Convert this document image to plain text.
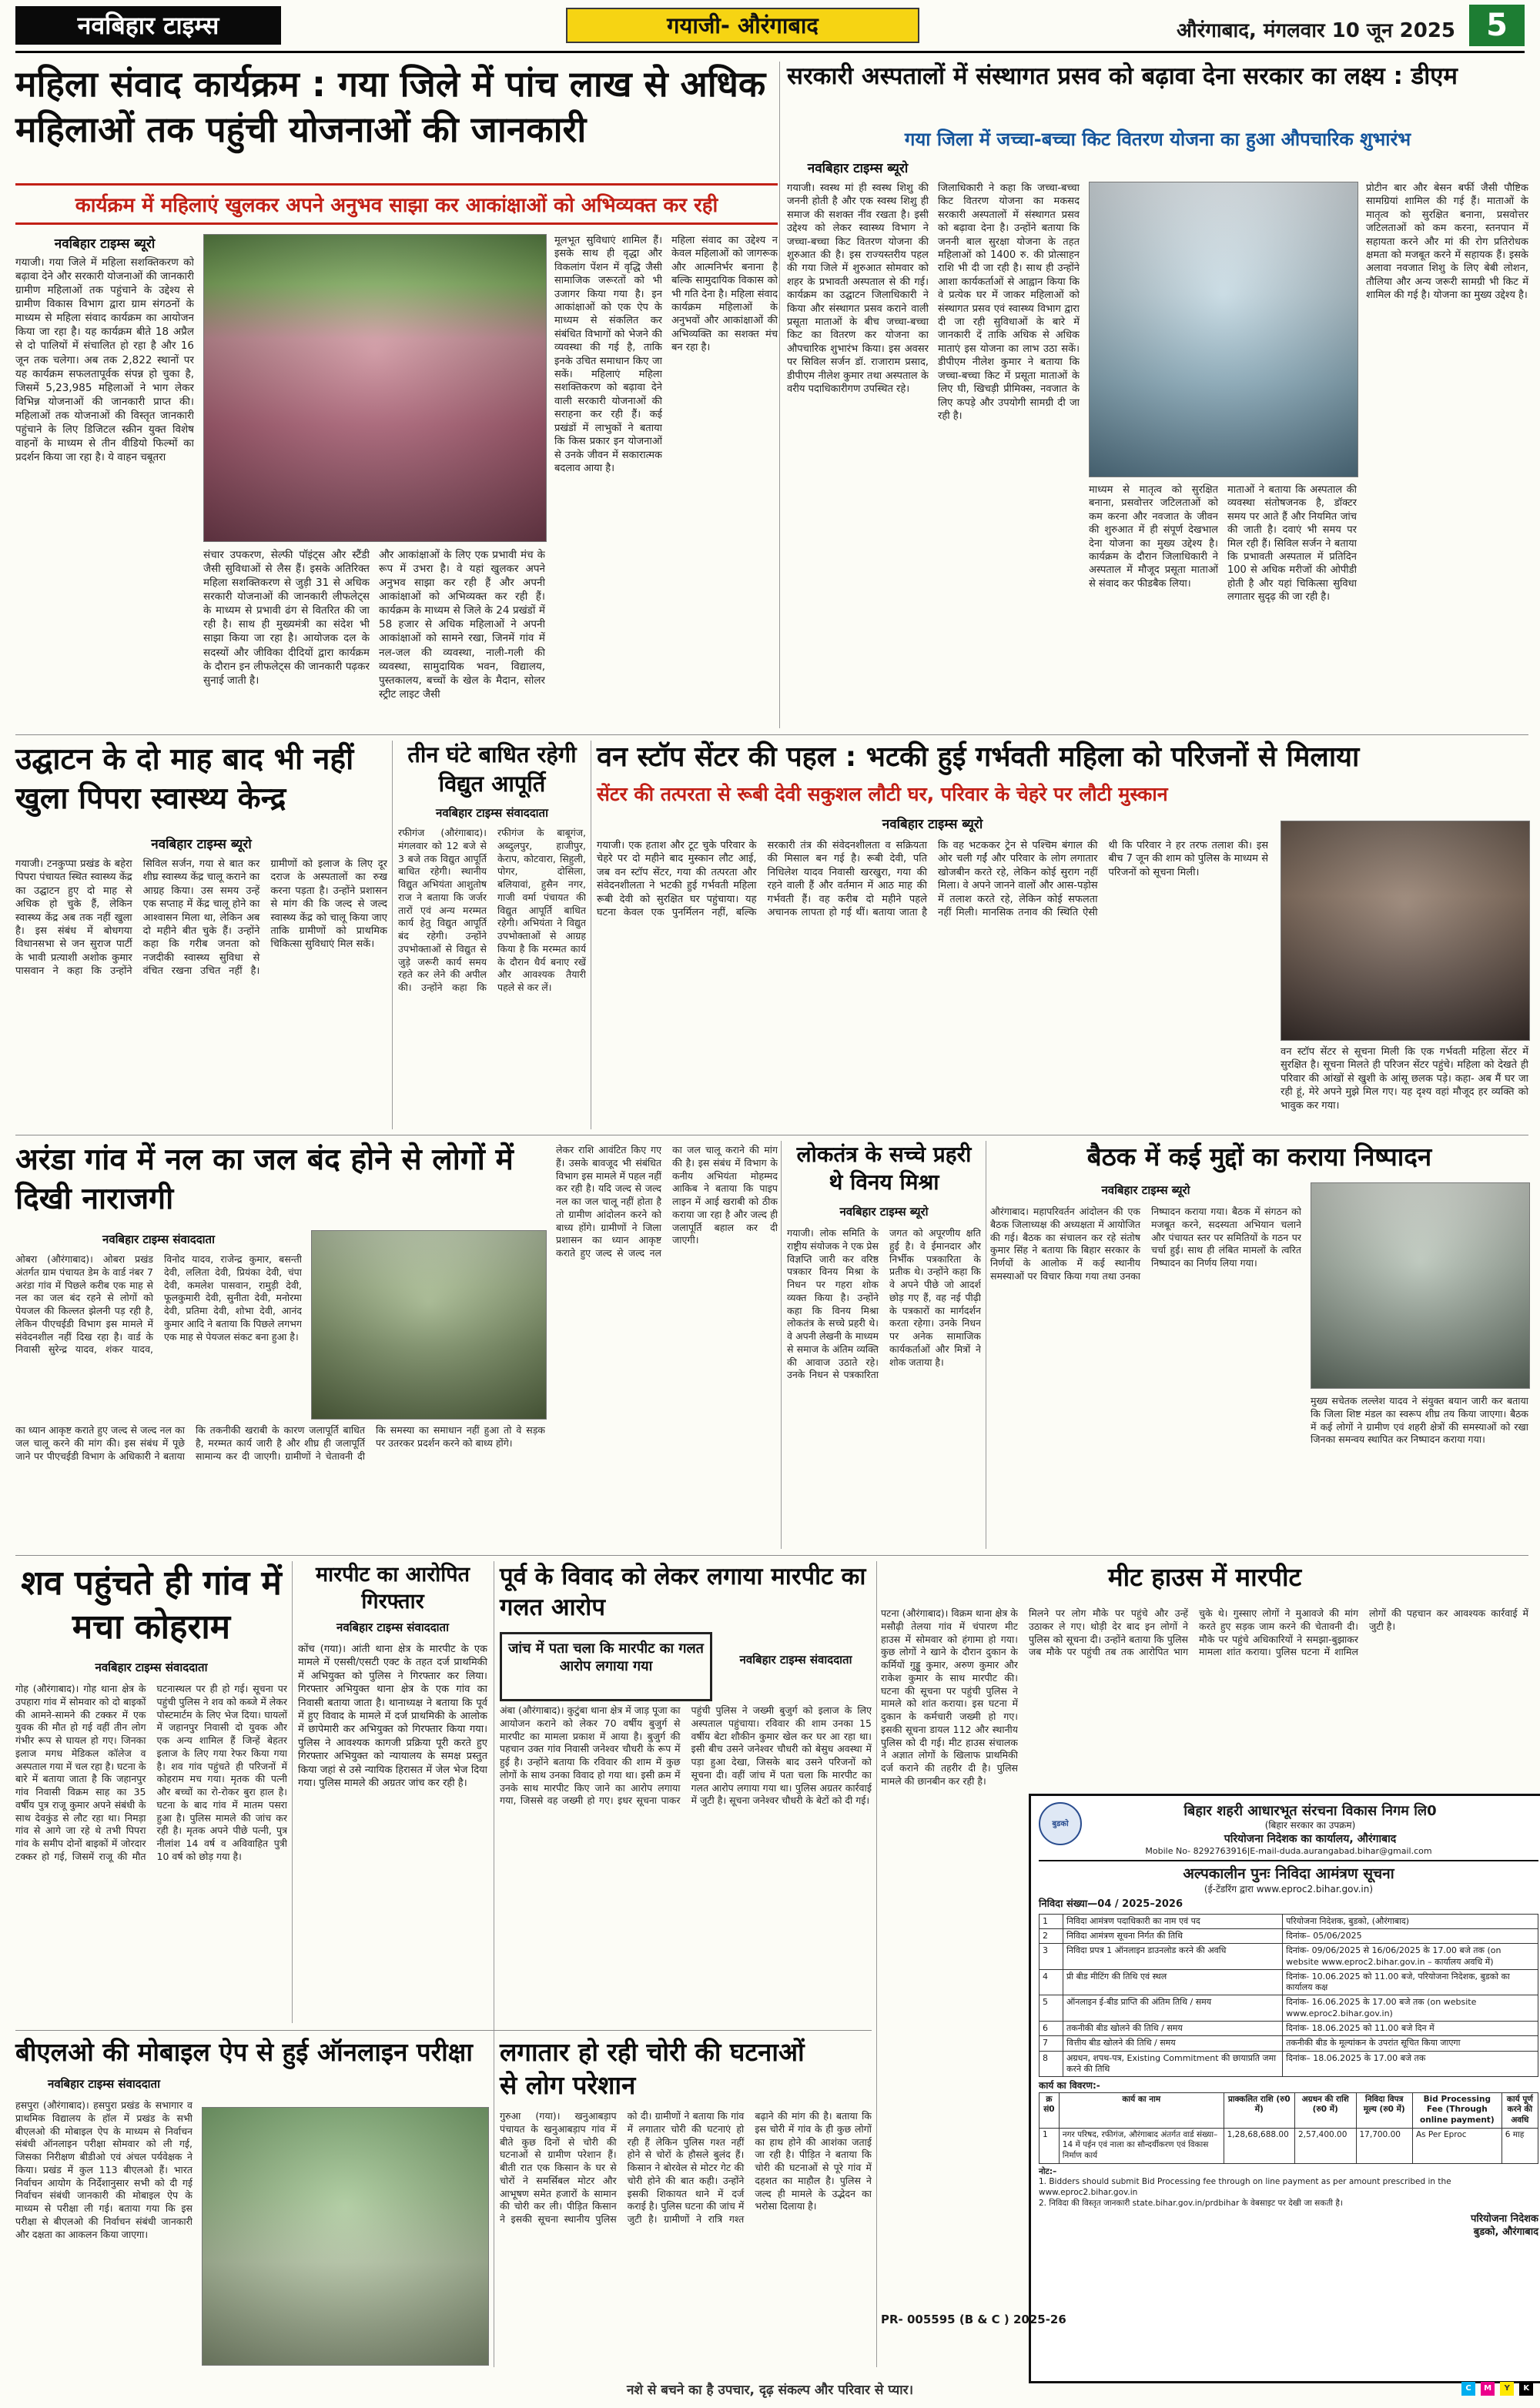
नवबिहार टाइम्स	गयाजी- औरंगाबाद	औरंगाबाद, मंगलवार 10 जून 2025	5
महिला संवाद कार्यक्रम : गया जिले में पांच लाख से अधिक महिलाओं तक पहुंची योजनाओं की जानकारी
कार्यक्रम में महिलाएं खुलकर अपने अनुभव साझा कर आकांक्षाओं को अभिव्यक्त कर रही
नवबिहार टाइम्स ब्यूरो
गयाजी। गया जिले में महिला सशक्तिकरण को बढ़ावा देने और सरकारी योजनाओं की जानकारी ग्रामीण महिलाओं तक पहुंचाने के उद्देश्य से ग्रामीण विकास विभाग द्वारा ग्राम संगठनों के माध्यम से महिला संवाद कार्यक्रम का आयोजन किया जा रहा है। यह कार्यक्रम बीते 18 अप्रैल से दो पालियों में संचालित हो रहा है और 16 जून तक चलेगा। अब तक 2,822 स्थानों पर यह कार्यक्रम सफलतापूर्वक संपन्न हो चुका है, जिसमें 5,23,985 महिलाओं ने भाग लेकर विभिन्न योजनाओं की जानकारी प्राप्त की। महिलाओं तक योजनाओं की विस्तृत जानकारी पहुंचाने के लिए डिजिटल स्क्रीन युक्त विशेष वाहनों के माध्यम से तीन वीडियो फिल्मों का प्रदर्शन किया जा रहा है। ये वाहन चबूतरा
संचार उपकरण, सेल्फी पॉइंट्स और स्टैंडी जैसी सुविधाओं से लैस हैं। इसके अतिरिक्त महिला सशक्तिकरण से जुड़ी 31 से अधिक सरकारी योजनाओं की जानकारी लीफलेट्स के माध्यम से प्रभावी ढंग से वितरित की जा रही है। साथ ही मुख्यमंत्री का संदेश भी साझा किया जा रहा है। आयोजक दल के सदस्यों और जीविका दीदियों द्वारा कार्यक्रम के दौरान इन लीफलेट्स की जानकारी पढ़कर सुनाई जाती है।
और आकांक्षाओं के लिए एक प्रभावी मंच के रूप में उभरा है। वे यहां खुलकर अपने अनुभव साझा कर रही हैं और अपनी आकांक्षाओं को अभिव्यक्त कर रही हैं। कार्यक्रम के माध्यम से जिले के 24 प्रखंडों में 58 हजार से अधिक महिलाओं ने अपनी आकांक्षाओं को सामने रखा, जिनमें गांव में नल-जल की व्यवस्था, नाली-गली की व्यवस्था, सामुदायिक भवन, विद्यालय, पुस्तकालय, बच्चों के खेल के मैदान, सोलर स्ट्रीट लाइट जैसी
मूलभूत सुविधाएं शामिल हैं। इसके साथ ही वृद्धा और विकलांग पेंशन में वृद्धि जैसी सामाजिक जरूरतों को भी उजागर किया गया है। इन आकांक्षाओं को एक ऐप के माध्यम से संकलित कर संबंधित विभागों को भेजने की व्यवस्था की गई है, ताकि इनके उचित समाधान किए जा सकें। महिलाएं महिला सशक्तिकरण को बढ़ावा देने वाली सरकारी योजनाओं की सराहना कर रही हैं। कई प्रखंडों में लाभुकों ने बताया कि किस प्रकार इन योजनाओं से उनके जीवन में सकारात्मक बदलाव आया है।
महिला संवाद का उद्देश्य न केवल महिलाओं को जागरूक और आत्मनिर्भर बनाना है बल्कि सामुदायिक विकास को भी गति देना है। महिला संवाद कार्यक्रम महिलाओं के अनुभवों और आकांक्षाओं की अभिव्यक्ति का सशक्त मंच बन रहा है।
सरकारी अस्पतालों में संस्थागत प्रसव को बढ़ावा देना सरकार का लक्ष्य : डीएम
गया जिला में जच्चा-बच्चा किट वितरण योजना का हुआ औपचारिक शुभारंभ
नवबिहार टाइम्स ब्यूरो
गयाजी। स्वस्थ मां ही स्वस्थ शिशु की जननी होती है और एक स्वस्थ शिशु ही समाज की सशक्त नींव रखता है। इसी उद्देश्य को लेकर स्वास्थ्य विभाग ने जच्चा-बच्चा किट वितरण योजना की शुरुआत की है। इस राज्यस्तरीय पहल की गया जिले में शुरुआत सोमवार को शहर के प्रभावती अस्पताल से की गई। कार्यक्रम का उद्घाटन जिलाधिकारी ने किया और संस्थागत प्रसव कराने वाली प्रसूता माताओं के बीच जच्चा-बच्चा किट का वितरण कर योजना का औपचारिक शुभारंभ किया। इस अवसर पर सिविल सर्जन डॉ. राजाराम प्रसाद, डीपीएम नीलेश कुमार तथा अस्पताल के वरीय पदाधिकारीगण उपस्थित रहे।
जिलाधिकारी ने कहा कि जच्चा-बच्चा किट वितरण योजना का मकसद सरकारी अस्पतालों में संस्थागत प्रसव को बढ़ावा देना है। उन्होंने बताया कि जननी बाल सुरक्षा योजना के तहत महिलाओं को 1400 रु. की प्रोत्साहन राशि भी दी जा रही है। साथ ही उन्होंने आशा कार्यकर्ताओं से आह्वान किया कि वे प्रत्येक घर में जाकर महिलाओं को संस्थागत प्रसव एवं स्वास्थ्य विभाग द्वारा दी जा रही सुविधाओं के बारे में जानकारी दें ताकि अधिक से अधिक माताएं इस योजना का लाभ उठा सकें। डीपीएम नीलेश कुमार ने बताया कि जच्चा-बच्चा किट में प्रसूता माताओं के लिए घी, खिचड़ी प्रीमिक्स, नवजात के लिए कपड़े और उपयोगी सामग्री दी जा रही है।
माध्यम से मातृत्व को सुरक्षित बनाना, प्रसवोत्तर जटिलताओं को कम करना और नवजात के जीवन की शुरुआत में ही संपूर्ण देखभाल देना योजना का मुख्य उद्देश्य है। कार्यक्रम के दौरान जिलाधिकारी ने अस्पताल में मौजूद प्रसूता माताओं से संवाद कर फीडबैक लिया।
माताओं ने बताया कि अस्पताल की व्यवस्था संतोषजनक है, डॉक्टर समय पर आते हैं और नियमित जांच की जाती है। दवाएं भी समय पर मिल रही हैं। सिविल सर्जन ने बताया कि प्रभावती अस्पताल में प्रतिदिन 100 से अधिक मरीजों की ओपीडी होती है और यहां चिकित्सा सुविधा लगातार सुदृढ़ की जा रही है।
प्रोटीन बार और बेसन बर्फी जैसी पौष्टिक सामग्रियां शामिल की गई हैं। माताओं के मातृत्व को सुरक्षित बनाना, प्रसवोत्तर जटिलताओं को कम करना, स्तनपान में सहायता करने और मां की रोग प्रतिरोधक क्षमता को मजबूत करने में सहायक हैं। इसके अलावा नवजात शिशु के लिए बेबी लोशन, तौलिया और अन्य जरूरी सामग्री भी किट में शामिल की गई है। योजना का मुख्य उद्देश्य है।
उद्घाटन के दो माह बाद भी नहीं खुला पिपरा स्वास्थ्य केन्द्र
नवबिहार टाइम्स ब्यूरो
गयाजी। टनकुप्पा प्रखंड के बहेरा पिपरा पंचायत स्थित स्वास्थ्य केंद्र का उद्घाटन हुए दो माह से अधिक हो चुके हैं, लेकिन स्वास्थ्य केंद्र अब तक नहीं खुला है। इस संबंध में बोधगया विधानसभा से जन सुराज पार्टी के भावी प्रत्याशी अशोक कुमार पासवान ने कहा कि उन्होंने सिविल सर्जन, गया से बात कर शीघ्र स्वास्थ्य केंद्र चालू कराने का आग्रह किया। उस समय उन्हें एक सप्ताह में केंद्र चालू होने का आश्वासन मिला था, लेकिन अब दो महीने बीत चुके हैं। उन्होंने कहा कि गरीब जनता को नजदीकी स्वास्थ्य सुविधा से वंचित रखना उचित नहीं है। ग्रामीणों को इलाज के लिए दूर दराज के अस्पतालों का रुख करना पड़ता है। उन्होंने प्रशासन से मांग की कि जल्द से जल्द स्वास्थ्य केंद्र को चालू किया जाए ताकि ग्रामीणों को प्राथमिक चिकित्सा सुविधाएं मिल सकें।
तीन घंटे बाधित रहेगी विद्युत आपूर्ति
नवबिहार टाइम्स संवाददाता
रफीगंज (औरंगाबाद)। मंगलवार को 12 बजे से 3 बजे तक विद्युत आपूर्ति बाधित रहेगी। स्थानीय विद्युत अभियंता आशुतोष राज ने बताया कि जर्जर तारों एवं अन्य मरम्मत कार्य हेतु विद्युत आपूर्ति बंद रहेगी। उन्होंने उपभोक्ताओं से विद्युत से जुड़े जरूरी कार्य समय रहते कर लेने की अपील की। उन्होंने कहा कि रफीगंज के बाबूगंज, अब्दुलपुर, हाजीपुर, केराप, कोटवारा, सिहुली, पोगर, दोसिला, बलियावां, हुसैन नगर, गाजी वर्मा पंचायत की विद्युत आपूर्ति बाधित रहेगी। अभियंता ने विद्युत उपभोक्ताओं से आग्रह किया है कि मरम्मत कार्य के दौरान धैर्य बनाए रखें और आवश्यक तैयारी पहले से कर लें।
वन स्टॉप सेंटर की पहल : भटकी हुई गर्भवती महिला को परिजनों से मिलाया
सेंटर की तत्परता से रूबी देवी सकुशल लौटी घर, परिवार के चेहरे पर लौटी मुस्कान
नवबिहार टाइम्स ब्यूरो
गयाजी। एक हताश और टूट चुके परिवार के चेहरे पर दो महीने बाद मुस्कान लौट आई, जब वन स्टॉप सेंटर, गया की तत्परता और संवेदनशीलता ने भटकी हुई गर्भवती महिला रूबी देवी को सुरक्षित घर पहुंचाया। यह घटना केवल एक पुनर्मिलन नहीं, बल्कि सरकारी तंत्र की संवेदनशीलता व सक्रियता की मिसाल बन गई है। रूबी देवी, पति निधिलेश यादव निवासी खरखुरा, गया की रहने वाली हैं और वर्तमान में आठ माह की गर्भवती हैं। वह करीब दो महीने पहले अचानक लापता हो गई थीं। बताया जाता है कि वह भटककर ट्रेन से पश्चिम बंगाल की ओर चली गईं और परिवार के लोग लगातार खोजबीन करते रहे, लेकिन कोई सुराग नहीं मिला। वे अपने जानने वालों और आस-पड़ोस में तलाश करते रहे, लेकिन कोई सफलता नहीं मिली। मानसिक तनाव की स्थिति ऐसी थी कि परिवार ने हर तरफ तलाश की। इस बीच 7 जून की शाम को पुलिस के माध्यम से परिजनों को सूचना मिली।
वन स्टॉप सेंटर से सूचना मिली कि एक गर्भवती महिला सेंटर में सुरक्षित है। सूचना मिलते ही परिजन सेंटर पहुंचे। महिला को देखते ही परिवार की आंखों से खुशी के आंसू छलक पड़े। कहा- अब मैं घर जा रही हूं, मेरे अपने मुझे मिल गए। यह दृश्य वहां मौजूद हर व्यक्ति को भावुक कर गया।
अरंडा गांव में नल का जल बंद होने से लोगों में दिखी नाराजगी
नवबिहार टाइम्स संवाददाता
ओबरा (औरंगाबाद)। ओबरा प्रखंड अंतर्गत ग्राम पंचायत डेम के वार्ड नंबर 7 अरंडा गांव में पिछले करीब एक माह से नल का जल बंद रहने से लोगों को पेयजल की किल्लत झेलनी पड़ रही है, लेकिन पीएचईडी विभाग इस मामले में संवेदनशील नहीं दिख रहा है। वार्ड के निवासी सुरेन्द्र यादव, शंकर यादव, विनोद यादव, राजेन्द्र कुमार, बसन्ती देवी, ललिता देवी, प्रियंका देवी, चंपा देवी, कमलेश पासवान, रामुड़ी देवी, फूलकुमारी देवी, सुनीता देवी, मनोरमा देवी, प्रतिमा देवी, शोभा देवी, आनंद कुमार आदि ने बताया कि पिछले लगभग एक माह से पेयजल संकट बना हुआ है।
का ध्यान आकृष्ट कराते हुए जल्द से जल्द नल का जल चालू करने की मांग की। इस संबंध में पूछे जाने पर पीएचईडी विभाग के अधिकारी ने बताया कि तकनीकी खराबी के कारण जलापूर्ति बाधित है, मरम्मत कार्य जारी है और शीघ्र ही जलापूर्ति सामान्य कर दी जाएगी। ग्रामीणों ने चेतावनी दी कि समस्या का समाधान नहीं हुआ तो वे सड़क पर उतरकर प्रदर्शन करने को बाध्य होंगे।
लेकर राशि आवंटित किए गए हैं। उसके बावजूद भी संबंधित विभाग इस मामले में पहल नहीं कर रही है। यदि जल्द से जल्द नल का जल चालू नहीं होता है तो ग्रामीण आंदोलन करने को बाध्य होंगे। ग्रामीणों ने जिला प्रशासन का ध्यान आकृष्ट कराते हुए जल्द से जल्द नल का जल चालू कराने की मांग की है। इस संबंध में विभाग के कनीय अभियंता मोहम्मद आकिब ने बताया कि पाइप लाइन में आई खराबी को ठीक कराया जा रहा है और जल्द ही जलापूर्ति बहाल कर दी जाएगी।
लोकतंत्र के सच्चे प्रहरी थे विनय मिश्रा
नवबिहार टाइम्स ब्यूरो
गयाजी। लोक समिति के राष्ट्रीय संयोजक ने एक प्रेस विज्ञप्ति जारी कर वरिष्ठ पत्रकार विनय मिश्रा के निधन पर गहरा शोक व्यक्त किया है। उन्होंने कहा कि विनय मिश्रा लोकतंत्र के सच्चे प्रहरी थे। वे अपनी लेखनी के माध्यम से समाज के अंतिम व्यक्ति की आवाज उठाते रहे। उनके निधन से पत्रकारिता जगत को अपूरणीय क्षति हुई है। वे ईमानदार और निर्भीक पत्रकारिता के प्रतीक थे। उन्होंने कहा कि वे अपने पीछे जो आदर्श छोड़ गए हैं, वह नई पीढ़ी के पत्रकारों का मार्गदर्शन करता रहेगा। उनके निधन पर अनेक सामाजिक कार्यकर्ताओं और मित्रों ने शोक जताया है।
बैठक में कई मुद्दों का कराया निष्पादन
नवबिहार टाइम्स ब्यूरो
औरंगाबाद। महापरिवर्तन आंदोलन की एक बैठक जिलाध्यक्ष की अध्यक्षता में आयोजित की गई। बैठक का संचालन कर रहे संतोष कुमार सिंह ने बताया कि बिहार सरकार के निर्णयों के आलोक में कई स्थानीय समस्याओं पर विचार किया गया तथा उनका निष्पादन कराया गया। बैठक में संगठन को मजबूत करने, सदस्यता अभियान चलाने और पंचायत स्तर पर समितियों के गठन पर चर्चा हुई। साथ ही लंबित मामलों के त्वरित निष्पादन का निर्णय लिया गया।
मुख्य सचेतक लल्लेश यादव ने संयुक्त बयान जारी कर बताया कि जिला शिष्ट मंडल का स्वरूप शीघ्र तय किया जाएगा। बैठक में कई लोगों ने ग्रामीण एवं शहरी क्षेत्रों की समस्याओं को रखा जिनका समन्वय स्थापित कर निष्पादन कराया गया।
शव पहुंचते ही गांव में मचा कोहराम
नवबिहार टाइम्स संवाददाता
गोह (औरंगाबाद)। गोह थाना क्षेत्र के उपहारा गांव में सोमवार को दो बाइकों की आमने-सामने की टक्कर में एक युवक की मौत हो गई वहीं तीन लोग गंभीर रूप से घायल हो गए। जिनका इलाज मगध मेडिकल कॉलेज व अस्पताल गया में चल रहा है। घटना के बारे में बताया जाता है कि जहानपुर गांव निवासी विक्रम साह का 35 वर्षीय पुत्र राजू कुमार अपने संबंधी के साथ देवकुंड से लौट रहा था। निमड़ा गांव से आगे जा रहे थे तभी पिपरा गांव के समीप दोनों बाइकों में जोरदार टक्कर हो गई, जिसमें राजू की मौत घटनास्थल पर ही हो गई। सूचना पर पहुंची पुलिस ने शव को कब्जे में लेकर पोस्टमार्टम के लिए भेज दिया। घायलों में जहानपुर निवासी दो युवक और एक अन्य शामिल हैं जिन्हें बेहतर इलाज के लिए गया रेफर किया गया है। शव गांव पहुंचते ही परिजनों में कोहराम मच गया। मृतक की पत्नी और बच्चों का रो-रोकर बुरा हाल है। घटना के बाद गांव में मातम पसरा हुआ है। पुलिस मामले की जांच कर रही है। मृतक अपने पीछे पत्नी, पुत्र नीलांश 14 वर्ष व अविवाहित पुत्री 10 वर्ष को छोड़ गया है।
मारपीट का आरोपित गिरफ्तार
नवबिहार टाइम्स संवाददाता
कोंच (गया)। आंती थाना क्षेत्र के मारपीट के एक मामले में एससी/एसटी एक्ट के तहत दर्ज प्राथमिकी में अभियुक्त को पुलिस ने गिरफ्तार कर लिया। गिरफ्तार अभियुक्त थाना क्षेत्र के एक गांव का निवासी बताया जाता है। थानाध्यक्ष ने बताया कि पूर्व में हुए विवाद के मामले में दर्ज प्राथमिकी के आलोक में छापेमारी कर अभियुक्त को गिरफ्तार किया गया। पुलिस ने आवश्यक कागजी प्रक्रिया पूरी करते हुए गिरफ्तार अभियुक्त को न्यायालय के समक्ष प्रस्तुत किया जहां से उसे न्यायिक हिरासत में जेल भेज दिया गया। पुलिस मामले की अग्रतर जांच कर रही है।
पूर्व के विवाद को लेकर लगाया मारपीट का गलत आरोप
जांच में पता चला कि मारपीट का गलत आरोप लगाया गया	नवबिहार टाइम्स संवाददाता
अंबा (औरंगाबाद)। कुटुंबा थाना क्षेत्र में जाड़ पूजा का आयोजन कराने को लेकर 70 वर्षीय बुजुर्ग से मारपीट का मामला प्रकाश में आया है। बुजुर्ग की पहचान उक्त गांव निवासी जनेश्वर चौधरी के रूप में हुई है। उन्होंने बताया कि रविवार की शाम में कुछ लोगों के साथ उनका विवाद हो गया था। इसी क्रम में उनके साथ मारपीट किए जाने का आरोप लगाया गया, जिससे वह जख्मी हो गए। इधर सूचना पाकर पहुंची पुलिस ने जख्मी बुजुर्ग को इलाज के लिए अस्पताल पहुंचाया। रविवार की शाम उनका 15 वर्षीय बेटा शौकीन कुमार खेल कर घर आ रहा था। इसी बीच उसने जनेश्वर चौधरी को बेसुध अवस्था में पड़ा हुआ देखा, जिसके बाद उसने परिजनों को सूचना दी। वहीं जांच में पता चला कि मारपीट का गलत आरोप लगाया गया था। पुलिस अग्रतर कार्रवाई में जुटी है। सूचना जनेश्वर चौधरी के बेटों को दी गई।
मीट हाउस में मारपीट
पटना (औरंगाबाद)। विक्रम थाना क्षेत्र के मसौढ़ी तेलया गांव में चंपारण मीट हाउस में सोमवार को हंगामा हो गया। कुछ लोगों ने खाने के दौरान दुकान के कर्मियों गुड्डू कुमार, अरुण कुमार और राकेश कुमार के साथ मारपीट की। घटना की सूचना पर पहुंची पुलिस ने मामले को शांत कराया। इस घटना में दुकान के कर्मचारी जख्मी हो गए। इसकी सूचना डायल 112 और स्थानीय पुलिस को दी गई। मीट हाउस संचालक ने अज्ञात लोगों के खिलाफ प्राथमिकी दर्ज कराने की तहरीर दी है। पुलिस मामले की छानबीन कर रही है।
मिलने पर लोग मौके पर पहुंचे और उन्हें उठाकर ले गए। थोड़ी देर बाद इन लोगों ने पुलिस को सूचना दी। उन्होंने बताया कि पुलिस जब मौके पर पहुंची तब तक आरोपित भाग चुके थे। गुस्साए लोगों ने मुआवजे की मांग करते हुए सड़क जाम करने की चेतावनी दी। मौके पर पहुंचे अधिकारियों ने समझा-बुझाकर मामला शांत कराया। पुलिस घटना में शामिल लोगों की पहचान कर आवश्यक कार्रवाई में जुटी है।
बुडको
बिहार शहरी आधारभूत संरचना विकास निगम लि0
(बिहार सरकार का उपक्रम)
परियोजना निदेशक का कार्यालय, औरंगाबाद
Mobile No- 8292763916|E-mail-duda.aurangabad.bihar@gmail.com
अल्पकालीन पुनः निविदा आमंत्रण सूचना
(ई-टेंडरिंग द्वारा www.eproc2.bihar.gov.in)
निविदा संख्या—04 / 2025–2026
1	निविदा आमंत्रण पदाधिकारी का नाम एवं पद	परियोजना निदेशक, बुडको, (औरंगाबाद)
2	निविदा आमंत्रण सूचना निर्गत की तिथि	दिनांक– 05/06/2025
3	निविदा प्रपत्र 1 ऑनलाइन डाउनलोड करने की अवधि	दिनांक- 09/06/2025 से 16/06/2025 के 17.00 बजे तक (on website www.eproc2.bihar.gov.in – कार्यालय अवधि में)
4	प्री बीड मीटिंग की तिथि एवं स्थल	दिनांक- 10.06.2025 को 11.00 बजे, परियोजना निदेशक, बुडको का कार्यालय कक्ष
5	ऑनलाइन ई-बीड प्राप्ति की अंतिम तिथि / समय	दिनांक- 16.06.2025 के 17.00 बजे तक (on website www.eproc2.bihar.gov.in)
6	तकनीकी बीड खोलने की तिथि / समय	दिनांक- 18.06.2025 को 11.00 बजे दिन में
7	वित्तीय बीड खोलने की तिथि / समय	तकनीकी बीड के मूल्यांकन के उपरांत सूचित किया जाएगा
8	अग्रधन, शपथ-पत्र, Existing Commitment की छायाप्रति जमा करने की तिथि	दिनांक– 18.06.2025 के 17.00 बजे तक
कार्य का विवरण:-
क्र सं0	कार्य का नाम	प्राक्कलित राशि (रु0 में)	अग्रधन की राशि (रु0 में)	निविदा विपत्र मूल्य (रु0 में)	Bid Processing Fee (Through online payment)	कार्य पूर्ण करने की अवधि
1	नगर परिषद, रफीगंज, औरंगाबाद अंतर्गत वार्ड संख्या–14 में पईन एवं नाला का सौन्दर्यीकरण एवं विकास निर्माण कार्य	1,28,68,688.00	2,57,400.00	17,700.00	As Per Eproc	6 माह
नोट:–
1. Bidders should submit Bid Processing fee through on line payment as per amount prescribed in the www.eproc2.bihar.gov.in
2. निविदा की विस्तृत जानकारी state.bihar.gov.in/prdbihar के वेबसाइट पर देखी जा सकती है।
परियोजना निदेशक
बुडको, औरंगाबाद
PR- 005595 (B & C ) 2025-26
बीएलओ की मोबाइल ऐप से हुई ऑनलाइन परीक्षा
नवबिहार टाइम्स संवाददाता
हसपुरा (औरंगाबाद)। हसपुरा प्रखंड के सभागार व प्राथमिक विद्यालय के हॉल में प्रखंड के सभी बीएलओ की मोबाइल ऐप के माध्यम से निर्वाचन संबंधी ऑनलाइन परीक्षा सोमवार को ली गई, जिसका निरीक्षण बीडीओ एवं अंचल पर्यवेक्षक ने किया। प्रखंड में कुल 113 बीएलओ हैं। भारत निर्वाचन आयोग के निर्देशानुसार सभी को दी गई निर्वाचन संबंधी जानकारी की मोबाइल ऐप के माध्यम से परीक्षा ली गई। बताया गया कि इस परीक्षा से बीएलओ की निर्वाचन संबंधी जानकारी और दक्षता का आकलन किया जाएगा।
लगातार हो रही चोरी की घटनाओं से लोग परेशान
गुरुआ (गया)। खनुआबड़ाप पंचायत के खनुआबड़ाप गांव में बीते कुछ दिनों से चोरी की घटनाओं से ग्रामीण परेशान हैं। बीती रात एक किसान के घर से चोरों ने समर्सिबल मोटर और आभूषण समेत हजारों के सामान की चोरी कर ली। पीड़ित किसान ने इसकी सूचना स्थानीय पुलिस को दी। ग्रामीणों ने बताया कि गांव में लगातार चोरी की घटनाएं हो रही हैं लेकिन पुलिस गश्त नहीं होने से चोरों के हौसले बुलंद हैं। किसान ने बोरवेल से मोटर गेट की चोरी होने की बात कही। उन्होंने इसकी शिकायत थाने में दर्ज कराई है। पुलिस घटना की जांच में जुटी है। ग्रामीणों ने रात्रि गश्त बढ़ाने की मांग की है। बताया कि इस चोरी में गांव के ही कुछ लोगों का हाथ होने की आशंका जताई जा रही है। पीड़ित ने बताया कि चोरी की घटनाओं से पूरे गांव में दहशत का माहौल है। पुलिस ने जल्द ही मामले के उद्भेदन का भरोसा दिलाया है।
नशे से बचने का है उपचार, दृढ़ संकल्प और परिवार से प्यार।	C M Y K
